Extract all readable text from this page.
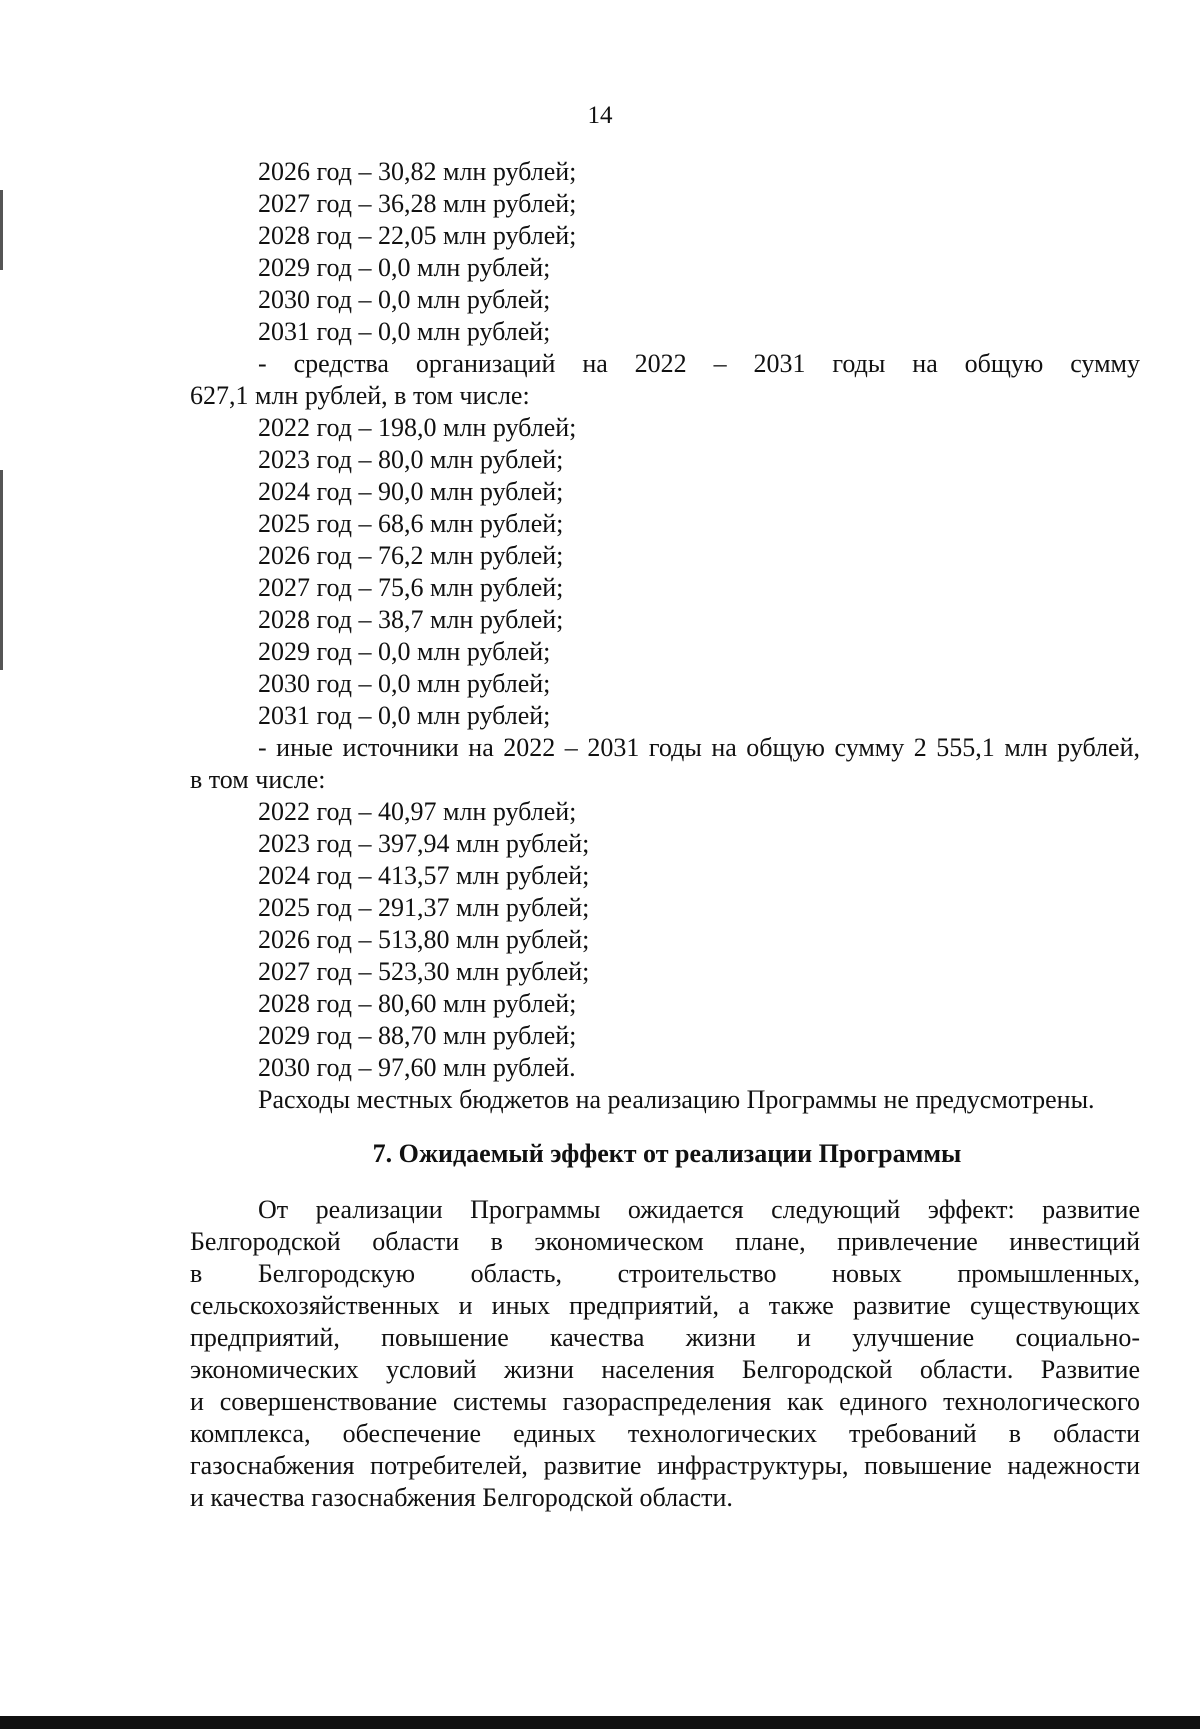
14
2026 год – 30,82 млн рублей;
2027 год – 36,28 млн рублей;
2028 год – 22,05 млн рублей;
2029 год – 0,0 млн рублей;
2030 год – 0,0 млн рублей;
2031 год – 0,0 млн рублей;
- средства организаций на 2022 – 2031 годы на общую сумму
627,1 млн рублей, в том числе:
2022 год – 198,0 млн рублей;
2023 год – 80,0 млн рублей;
2024 год – 90,0 млн рублей;
2025 год – 68,6 млн рублей;
2026 год – 76,2 млн рублей;
2027 год – 75,6 млн рублей;
2028 год – 38,7 млн рублей;
2029 год – 0,0 млн рублей;
2030 год – 0,0 млн рублей;
2031 год – 0,0 млн рублей;
- иные источники на 2022 – 2031 годы на общую сумму 2 555,1 млн рублей,
в том числе:
2022 год – 40,97 млн рублей;
2023 год – 397,94 млн рублей;
2024 год – 413,57 млн рублей;
2025 год – 291,37 млн рублей;
2026 год – 513,80 млн рублей;
2027 год – 523,30 млн рублей;
2028 год – 80,60 млн рублей;
2029 год – 88,70 млн рублей;
2030 год – 97,60 млн рублей.
Расходы местных бюджетов на реализацию Программы не предусмотрены.
7. Ожидаемый эффект от реализации Программы
От реализации Программы ожидается следующий эффект: развитие
Белгородской области в экономическом плане, привлечение инвестиций
в Белгородскую область, строительство новых промышленных,
сельскохозяйственных и иных предприятий, а также развитие существующих
предприятий, повышение качества жизни и улучшение социально-
экономических условий жизни населения Белгородской области. Развитие
и совершенствование системы газораспределения как единого технологического
комплекса, обеспечение единых технологических требований в области
газоснабжения потребителей, развитие инфраструктуры, повышение надежности
и качества газоснабжения Белгородской области.
